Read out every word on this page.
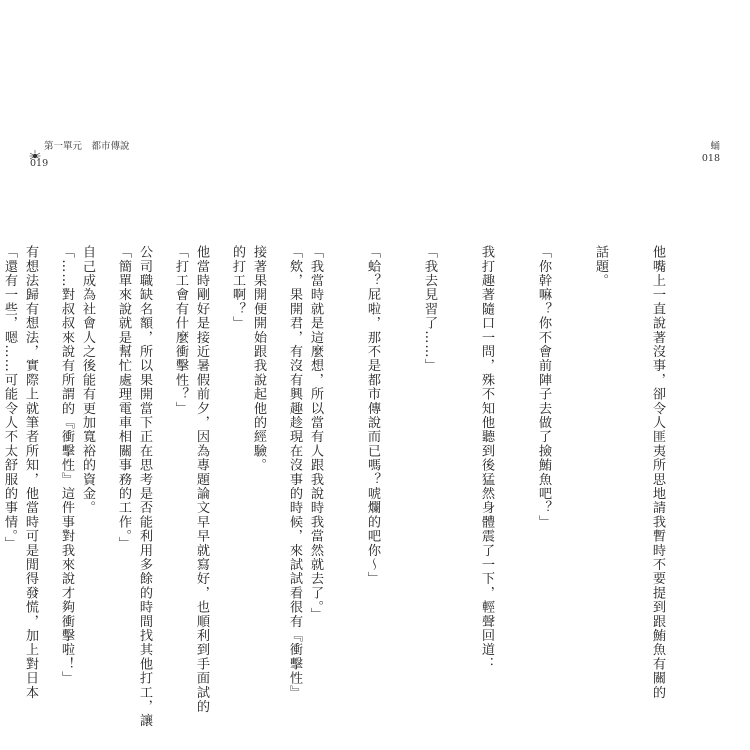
第一單元　都市傳說
019
蛹
018

他嘴上一直說著沒事，卻令人匪夷所思地請我暫時不要提到跟鮪魚有關的

話題。

「你幹嘛？你不會前陣子去做了撿鮪魚吧？」

我打趣著隨口一問，殊不知他聽到後猛然身體震了一下，輕聲回道：

「我去見習了……」

「蛤？屁啦，那不是都市傳說而已嗎？唬爛的吧你～」

「我當時就是這麼想，所以當有人跟我說時我當然就去了。」

接著果開便開始跟我說起他的經驗。

他當時剛好是接近暑假前夕，因為專題論文早早就寫好，也順利到手面試的

公司職缺名額，所以果開當下正在思考是否能利用多餘的時間找其他打工，讓

自己成為社會人之後能有更加寬裕的資金。

有想法歸有想法，實際上就筆者所知，他當時可是閒得發慌，加上對日本

	「欸，果開君，有沒有興趣趁現在沒事的時候，來試試看很有『衝擊性』

的打工啊？」

「打工會有什麼衝擊性？」

「簡單來說就是幫忙處理電車相關事務的工作。」

「……對叔叔來說有所謂的『衝擊性』這件事對我來說才夠衝擊啦！」

「還有一些，嗯……可能令人不太舒服的事情。」
